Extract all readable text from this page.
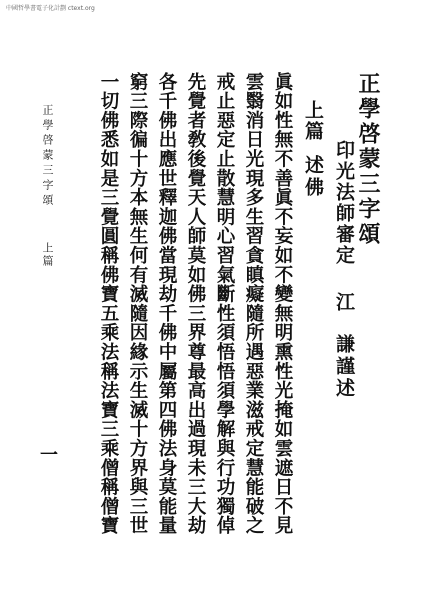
中國哲學書電子化計劃 ctext.org
正學啓蒙三字頌
上篇
述佛 印光法師審定
江
謙謹述
眞如性無不善眞不妄如不變無明熏性光掩如雲遮日不見
雲翳消日光現多生習貪瞋癡隨所遇惡業滋戒定慧能破之
戒止惡定止散慧明心習氣斷性須悟悟須學解與行功獨倬
先覺者敎後覺天人師莫如佛三界尊最高出過現未三大劫
各千佛出應世釋迦佛當現劫千佛中屬第四佛法身莫能量
窮三際徧十方本無生何有滅隨因緣示生滅十方界與三世
一切佛悉如是三覺圓稱佛寶五乘法稱法寶三乘僧稱僧寶
正學啓蒙三字頌
上篇
一
